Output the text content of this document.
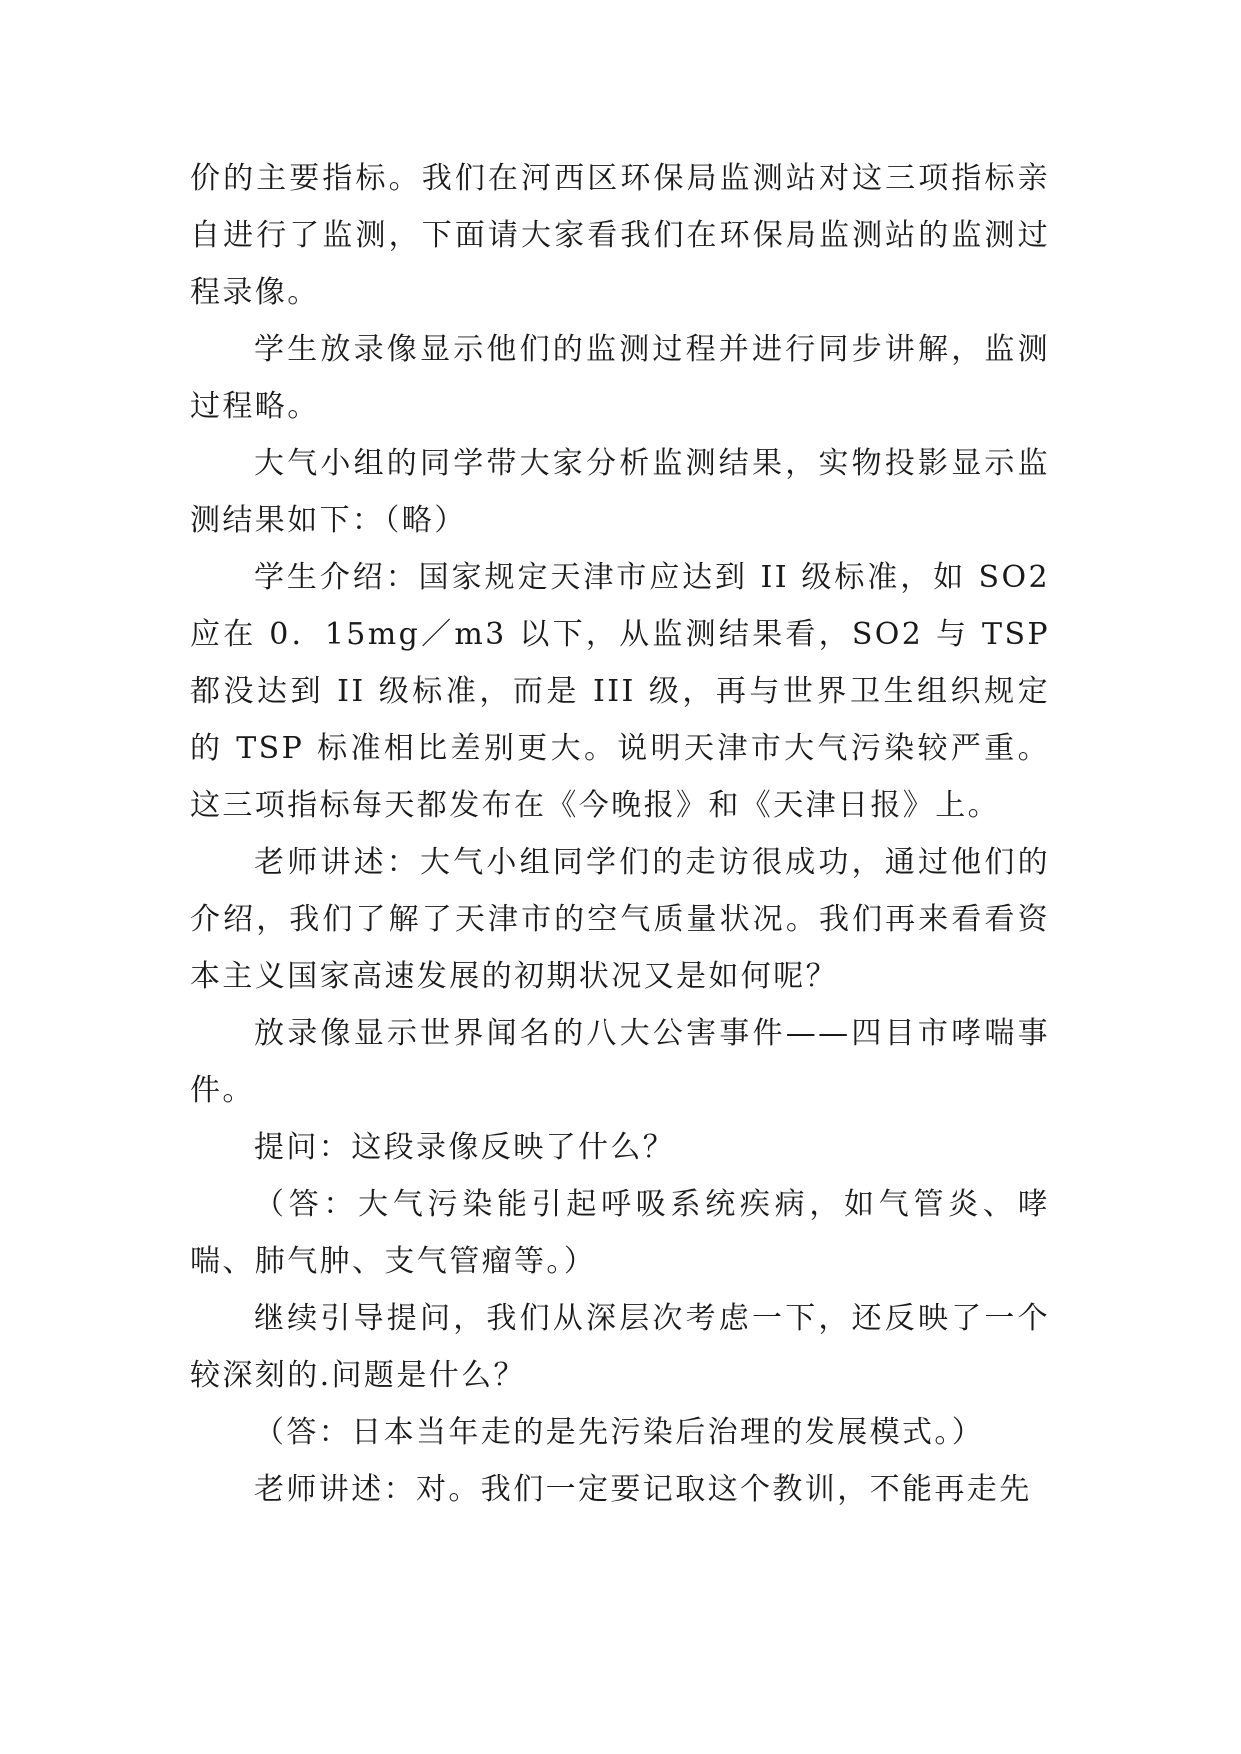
价的主要指标。我们在河西区环保局监测站对这三项指标亲自进行了监测，下面请大家看我们在环保局监测站的监测过程录像。

学生放录像显示他们的监测过程并进行同步讲解，监测过程略。

大气小组的同学带大家分析监测结果，实物投影显示监测结果如下：（略）

学生介绍：国家规定天津市应达到 II 级标准，如 SO2 应在 0．15mg／m3 以下，从监测结果看，SO2 与 TSP 都没达到 II 级标准，而是 III 级，再与世界卫生组织规定的 TSP 标准相比差别更大。说明天津市大气污染较严重。这三项指标每天都发布在《今晚报》和《天津日报》上。

老师讲述：大气小组同学们的走访很成功，通过他们的介绍，我们了解了天津市的空气质量状况。我们再来看看资本主义国家高速发展的初期状况又是如何呢？

放录像显示世界闻名的八大公害事件——四目市哮喘事件。

提问：这段录像反映了什么？

（答：大气污染能引起呼吸系统疾病，如气管炎、哮喘、肺气肿、支气管瘤等。）

继续引导提问，我们从深层次考虑一下，还反映了一个较深刻的.问题是什么？

（答：日本当年走的是先污染后治理的发展模式。）

老师讲述：对。我们一定要记取这个教训，不能再走先
